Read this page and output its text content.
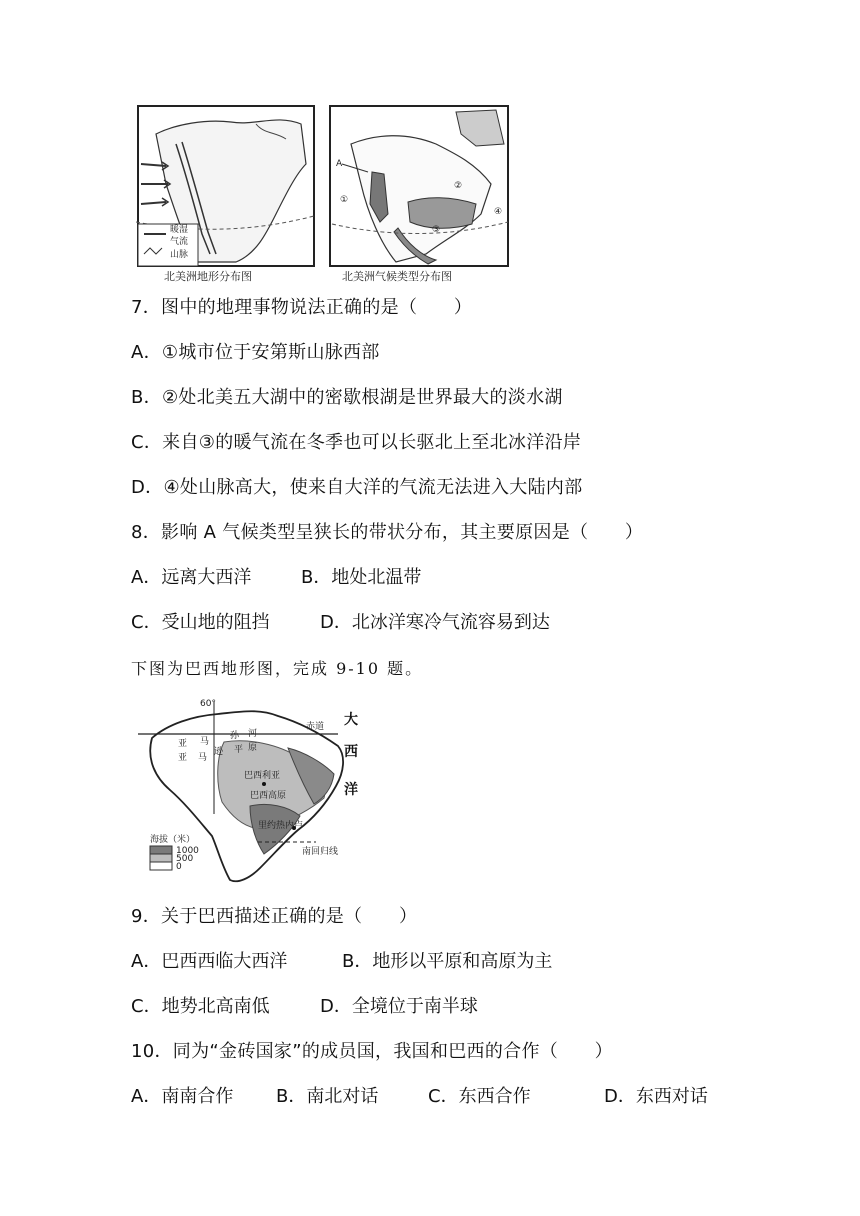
暖湿
气流
山脉
北美洲地形分布图
A
①
②
③
④
北美洲气候类型分布图
7．图中的地理事物说法正确的是（　　）
A．①城市位于安第斯山脉西部
B．②处北美五大湖中的密歇根湖是世界最大的淡水湖
C．来自③的暖气流在冬季也可以长驱北上至北冰洋沿岸
D．④处山脉高大，使来自大洋的气流无法进入大陆内部
8．影响 A 气候类型呈狭长的带状分布，其主要原因是（　　）
A．远离大西洋	B．地处北温带
C．受山地的阻挡	D．北冰洋寒冷气流容易到达
下图为巴西地形图，完成 9-10 题。
60°
赤道 大
西
洋
亚 马
孙 河
亚 马
逊 平 原
巴西利亚
巴西高原
里约热内卢
南回归线
海拔（米）
1000
500
0
9．关于巴西描述正确的是（　　）
A．巴西西临大西洋	B．地形以平原和高原为主
C．地势北高南低	D．全境位于南半球
10．同为“金砖国家”的成员国，我国和巴西的合作（　　）
A．南南合作 B．南北对话	C．东西合作	D．东西对话
